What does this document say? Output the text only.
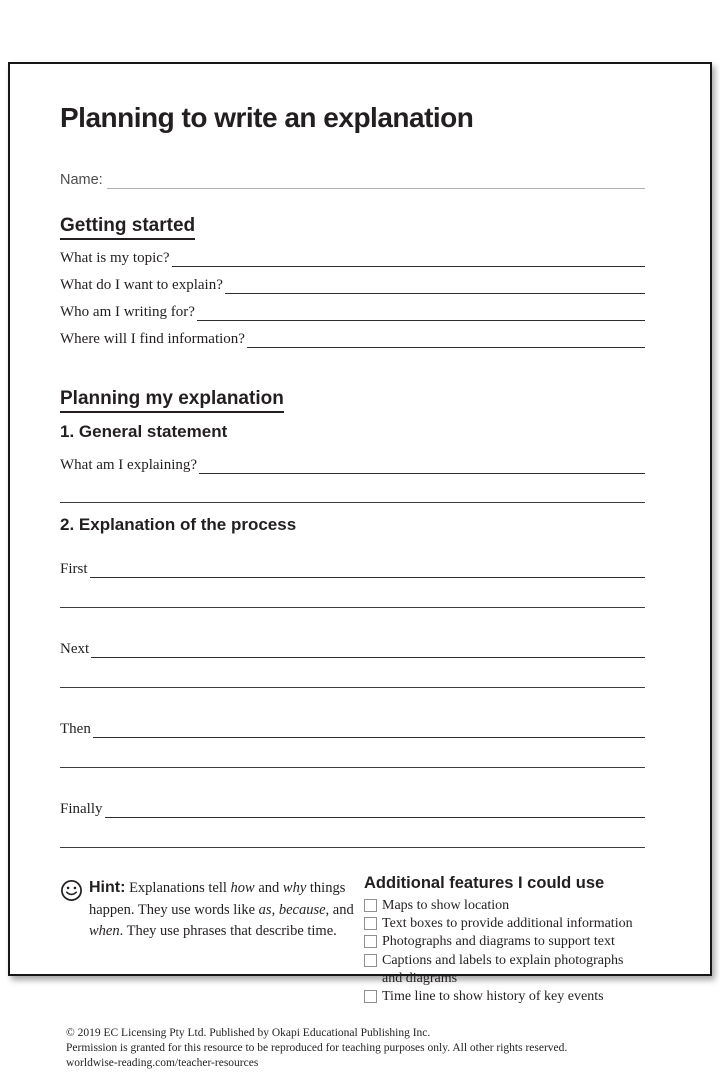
Planning to write an explanation
Name:
Getting started
What is my topic?
What do I want to explain?
Who am I writing for?
Where will I find information?
Planning my explanation
1. General statement
What am I explaining?
2. Explanation of the process
First
Next
Then
Finally
Hint: Explanations tell how and why things happen. They use words like as, because, and when. They use phrases that describe time.
Additional features I could use
Maps to show location
Text boxes to provide additional information
Photographs and diagrams to support text
Captions and labels to explain photographs and diagrams
Time line to show history of key events
© 2019 EC Licensing Pty Ltd. Published by Okapi Educational Publishing Inc.
Permission is granted for this resource to be reproduced for teaching purposes only. All other rights reserved.
worldwise-reading.com/teacher-resources
